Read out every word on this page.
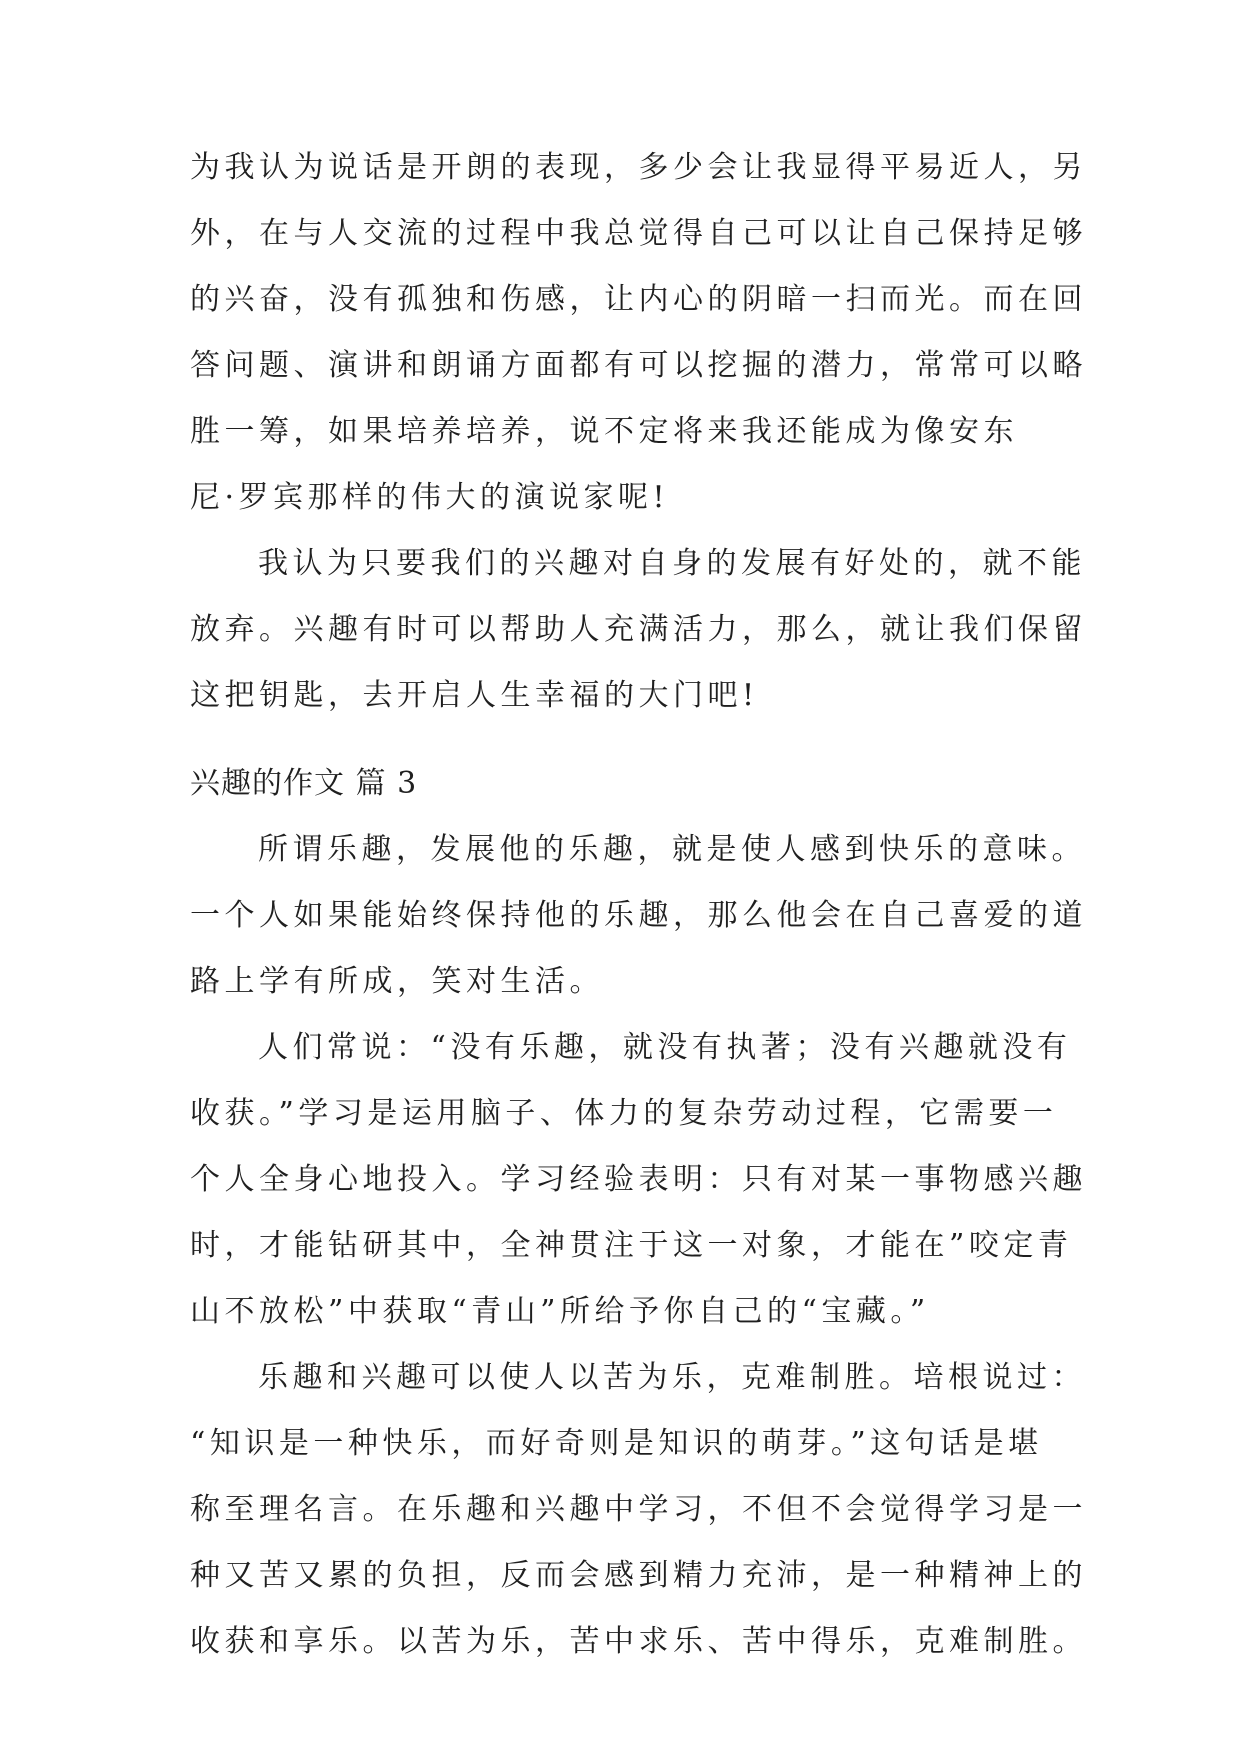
为我认为说话是开朗的表现，多少会让我显得平易近人，另
外，在与人交流的过程中我总觉得自己可以让自己保持足够
的兴奋，没有孤独和伤感，让内心的阴暗一扫而光。而在回
答问题、演讲和朗诵方面都有可以挖掘的潜力，常常可以略
胜一筹，如果培养培养，说不定将来我还能成为像安东
尼·罗宾那样的伟大的演说家呢!
我认为只要我们的兴趣对自身的发展有好处的，就不能
放弃。兴趣有时可以帮助人充满活力，那么，就让我们保留
这把钥匙，去开启人生幸福的大门吧!
兴趣的作文 篇 3
所谓乐趣，发展他的乐趣，就是使人感到快乐的意味。
一个人如果能始终保持他的乐趣，那么他会在自己喜爱的道
路上学有所成，笑对生活。
人们常说：“没有乐趣，就没有执著；没有兴趣就没有
收获。”学习是运用脑子、体力的复杂劳动过程，它需要一
个人全身心地投入。学习经验表明：只有对某一事物感兴趣
时，才能钻研其中，全神贯注于这一对象，才能在”咬定青
山不放松”中获取“青山”所给予你自己的“宝藏。”
乐趣和兴趣可以使人以苦为乐，克难制胜。培根说过：
“知识是一种快乐，而好奇则是知识的萌芽。”这句话是堪
称至理名言。在乐趣和兴趣中学习，不但不会觉得学习是一
种又苦又累的负担，反而会感到精力充沛，是一种精神上的
收获和享乐。以苦为乐，苦中求乐、苦中得乐，克难制胜。
